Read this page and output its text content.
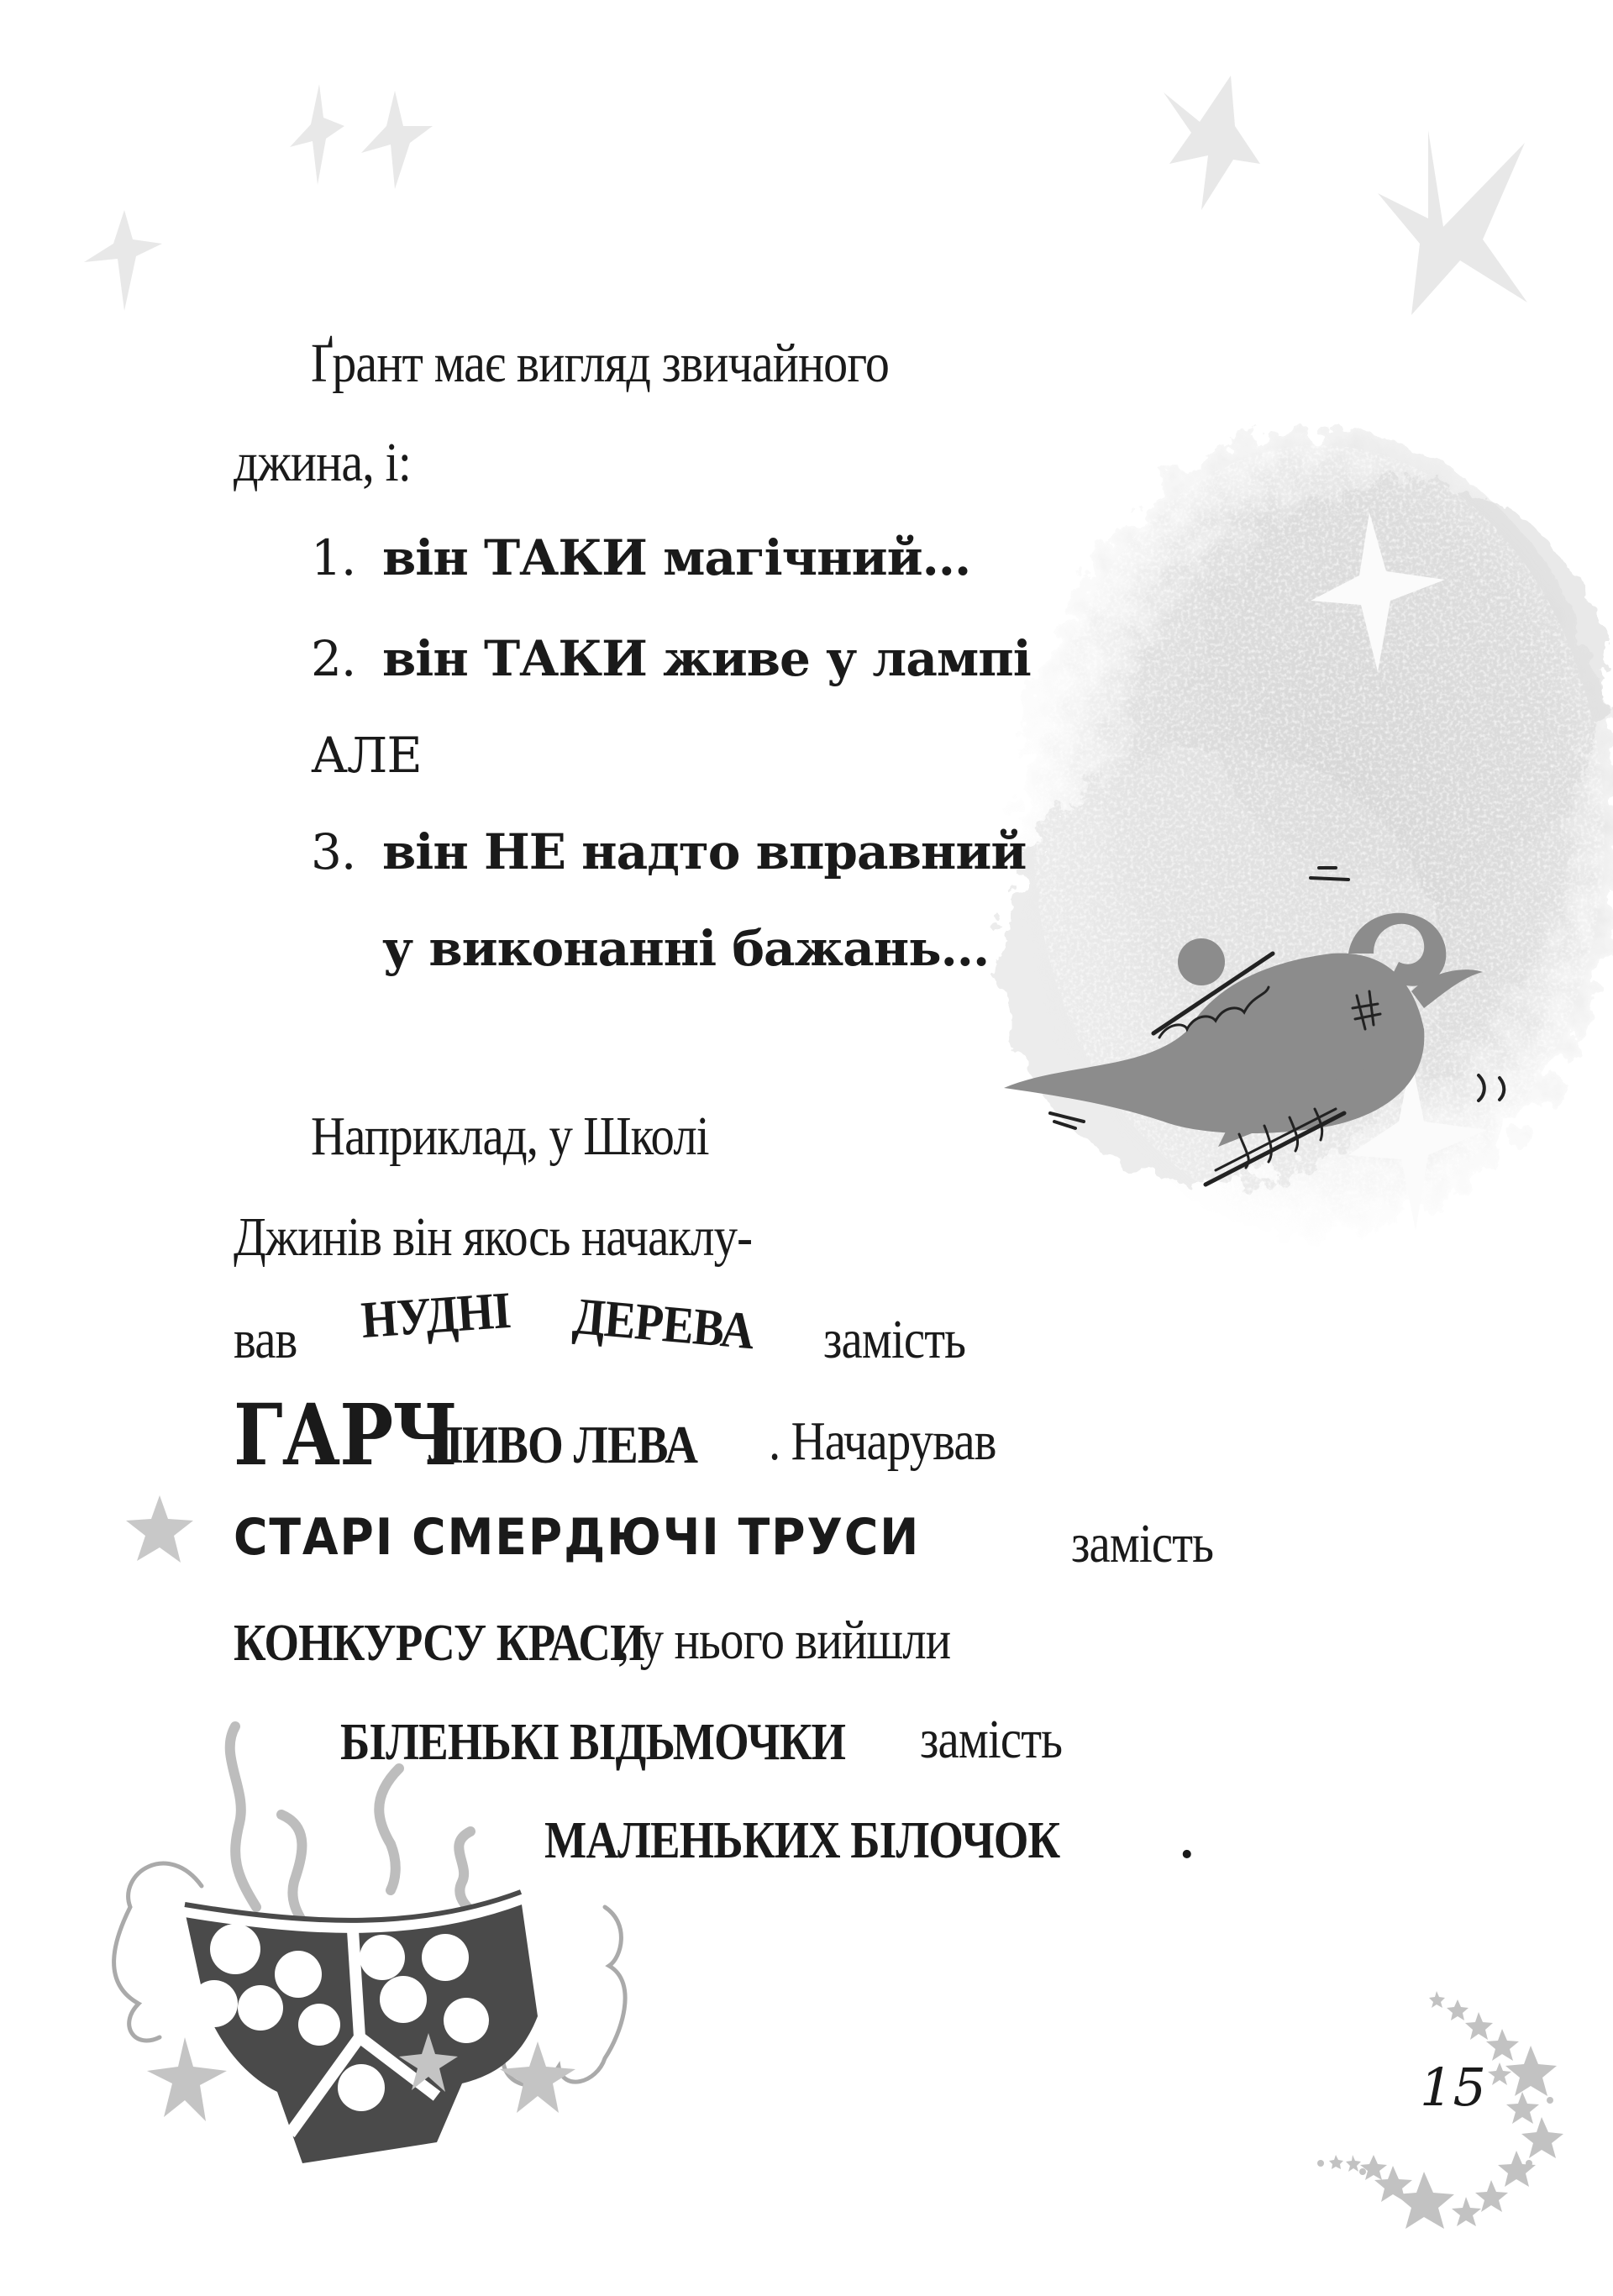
Ґрант має вигляд звичайного
джина, і:
1. він ТАКИ магічний...
2. він ТАКИ живе у лампі
АЛЕ
3. він НЕ надто вправний
у виконанні бажань...
Наприклад, у Школі
Джинів він якось начаклу-
вав НУДНІ ДЕРЕВА замість
ГАРЧ
ЛИВО ЛЕВА . Начарував
СТАРІ СМЕРДЮЧІ ТРУСИ	замість
КОНКУРСУ КРАСИ
, у нього вийшли
БІЛЕНЬКІ ВІДЬМОЧКИ замість
МАЛЕНЬКИХ БІЛОЧОК .
15
